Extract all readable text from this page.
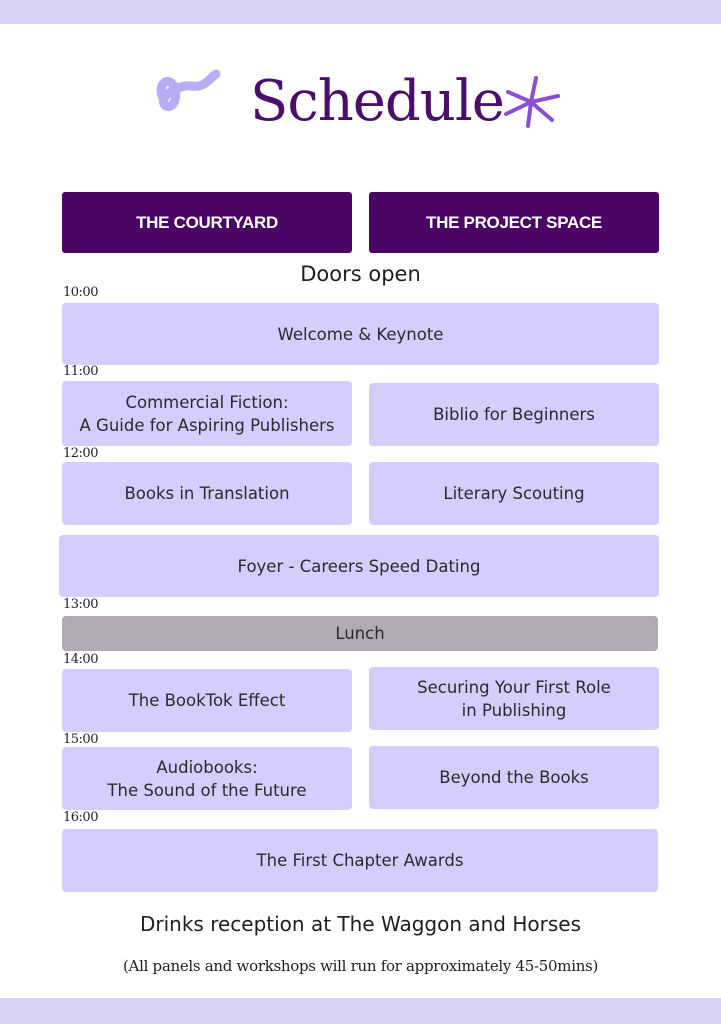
Schedule
THE COURTYARD	THE PROJECT SPACE
Doors open
10:00
Welcome & Keynote
11:00
Commercial Fiction:
A Guide for Aspiring Publishers
Biblio for Beginners
12:00
Books in Translation	Literary Scouting
Foyer - Careers Speed Dating
13:00
Lunch
14:00
The BookTok Effect
Securing Your First Role
in Publishing
15:00
Audiobooks:
The Sound of the Future
Beyond the Books
16:00
The First Chapter Awards
Drinks reception at The Waggon and Horses
(All panels and workshops will run for approximately 45-50mins)
